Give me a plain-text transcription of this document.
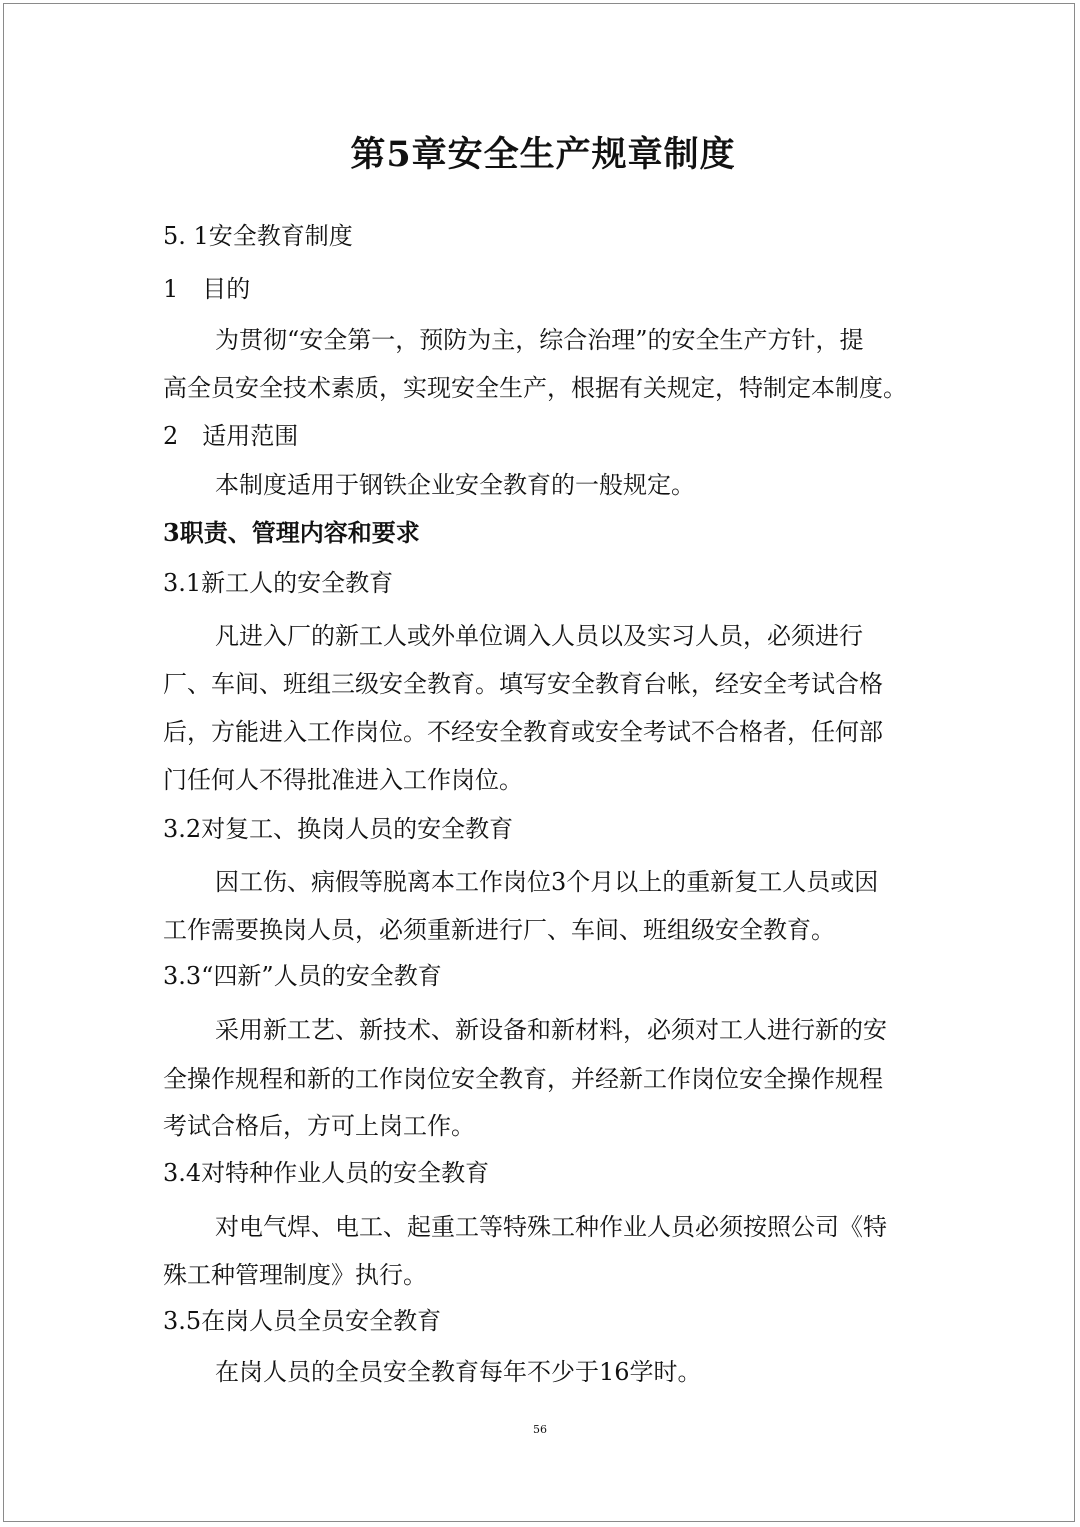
第5章安全生产规章制度

5. 1安全教育制度

1　目的

为贯彻“安全第一，预防为主，综合治理”的安全生产方针，提

高全员安全技术素质，实现安全生产，根据有关规定，特制定本制度。

2　适用范围

本制度适用于钢铁企业安全教育的一般规定。

3职责、管理内容和要求

3.1新工人的安全教育

凡进入厂的新工人或外单位调入人员以及实习人员，必须进行

厂、车间、班组三级安全教育。填写安全教育台帐，经安全考试合格

后，方能进入工作岗位。不经安全教育或安全考试不合格者，任何部

门任何人不得批准进入工作岗位。

3.2对复工、换岗人员的安全教育

因工伤、病假等脱离本工作岗位3个月以上的重新复工人员或因

工作需要换岗人员，必须重新进行厂、车间、班组级安全教育。

3.3“四新”人员的安全教育

采用新工艺、新技术、新设备和新材料，必须对工人进行新的安

全操作规程和新的工作岗位安全教育，并经新工作岗位安全操作规程

考试合格后，方可上岗工作。

3.4对特种作业人员的安全教育

对电气焊、电工、起重工等特殊工种作业人员必须按照公司《特

殊工种管理制度》执行。

3.5在岗人员全员安全教育

在岗人员的全员安全教育每年不少于16学时。

56
